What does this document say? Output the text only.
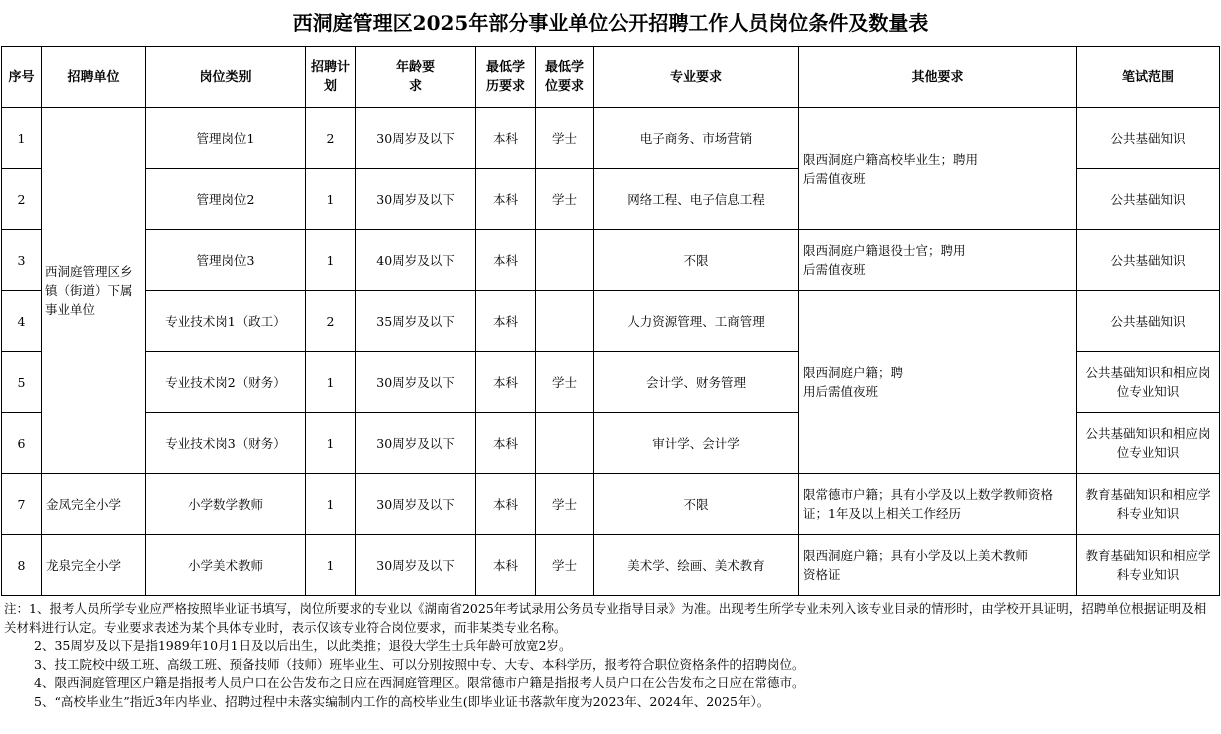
西洞庭管理区2025年部分事业单位公开招聘工作人员岗位条件及数量表
序号	招聘单位	岗位类别	招聘计划	年龄要求	最低学历要求	最低学位要求	专业要求	其他要求	笔试范围
1	西洞庭管理区乡镇（街道）下属事业单位	管理岗位1	2	30周岁及以下	本科	学士	电子商务、市场营销	限西洞庭户籍高校毕业生；聘用后需值夜班	公共基础知识
2		管理岗位2	1	30周岁及以下	本科	学士	网络工程、电子信息工程		公共基础知识
3		管理岗位3	1	40周岁及以下	本科		不限	限西洞庭户籍退役士官；聘用后需值夜班	公共基础知识
4		专业技术岗1（政工）	2	35周岁及以下	本科		人力资源管理、工商管理	限西洞庭户籍；聘用后需值夜班	公共基础知识
5		专业技术岗2（财务）	1	30周岁及以下	本科	学士	会计学、财务管理		公共基础知识和相应岗位专业知识
6		专业技术岗3（财务）	1	30周岁及以下	本科		审计学、会计学		公共基础知识和相应岗位专业知识
7	金凤完全小学	小学数学教师	1	30周岁及以下	本科	学士	不限	限常德市户籍；具有小学及以上数学教师资格证；1年及以上相关工作经历	教育基础知识和相应学科专业知识
8	龙泉完全小学	小学美术教师	1	30周岁及以下	本科	学士	美术学、绘画、美术教育	限西洞庭户籍；具有小学及以上美术教师资格证	教育基础知识和相应学科专业知识

注：1、报考人员所学专业应严格按照毕业证书填写，岗位所要求的专业以《湖南省2025年考试录用公务员专业指导目录》为准。出现考生所学专业未列入该专业目录的情形时，由学校开具证明，招聘单位根据证明及相关材料进行认定。专业要求表述为某个具体专业时，表示仅该专业符合岗位要求，而非某类专业名称。

2、35周岁及以下是指1989年10月1日及以后出生，以此类推；退役大学生士兵年龄可放宽2岁。

3、技工院校中级工班、高级工班、预备技师（技师）班毕业生、可以分别按照中专、大专、本科学历，报考符合职位资格条件的招聘岗位。

4、限西洞庭管理区户籍是指报考人员户口在公告发布之日应在西洞庭管理区。限常德市户籍是指报考人员户口在公告发布之日应在常德市。

5、“高校毕业生”指近3年内毕业、招聘过程中未落实编制内工作的高校毕业生(即毕业证书落款年度为2023年、2024年、2025年）。
